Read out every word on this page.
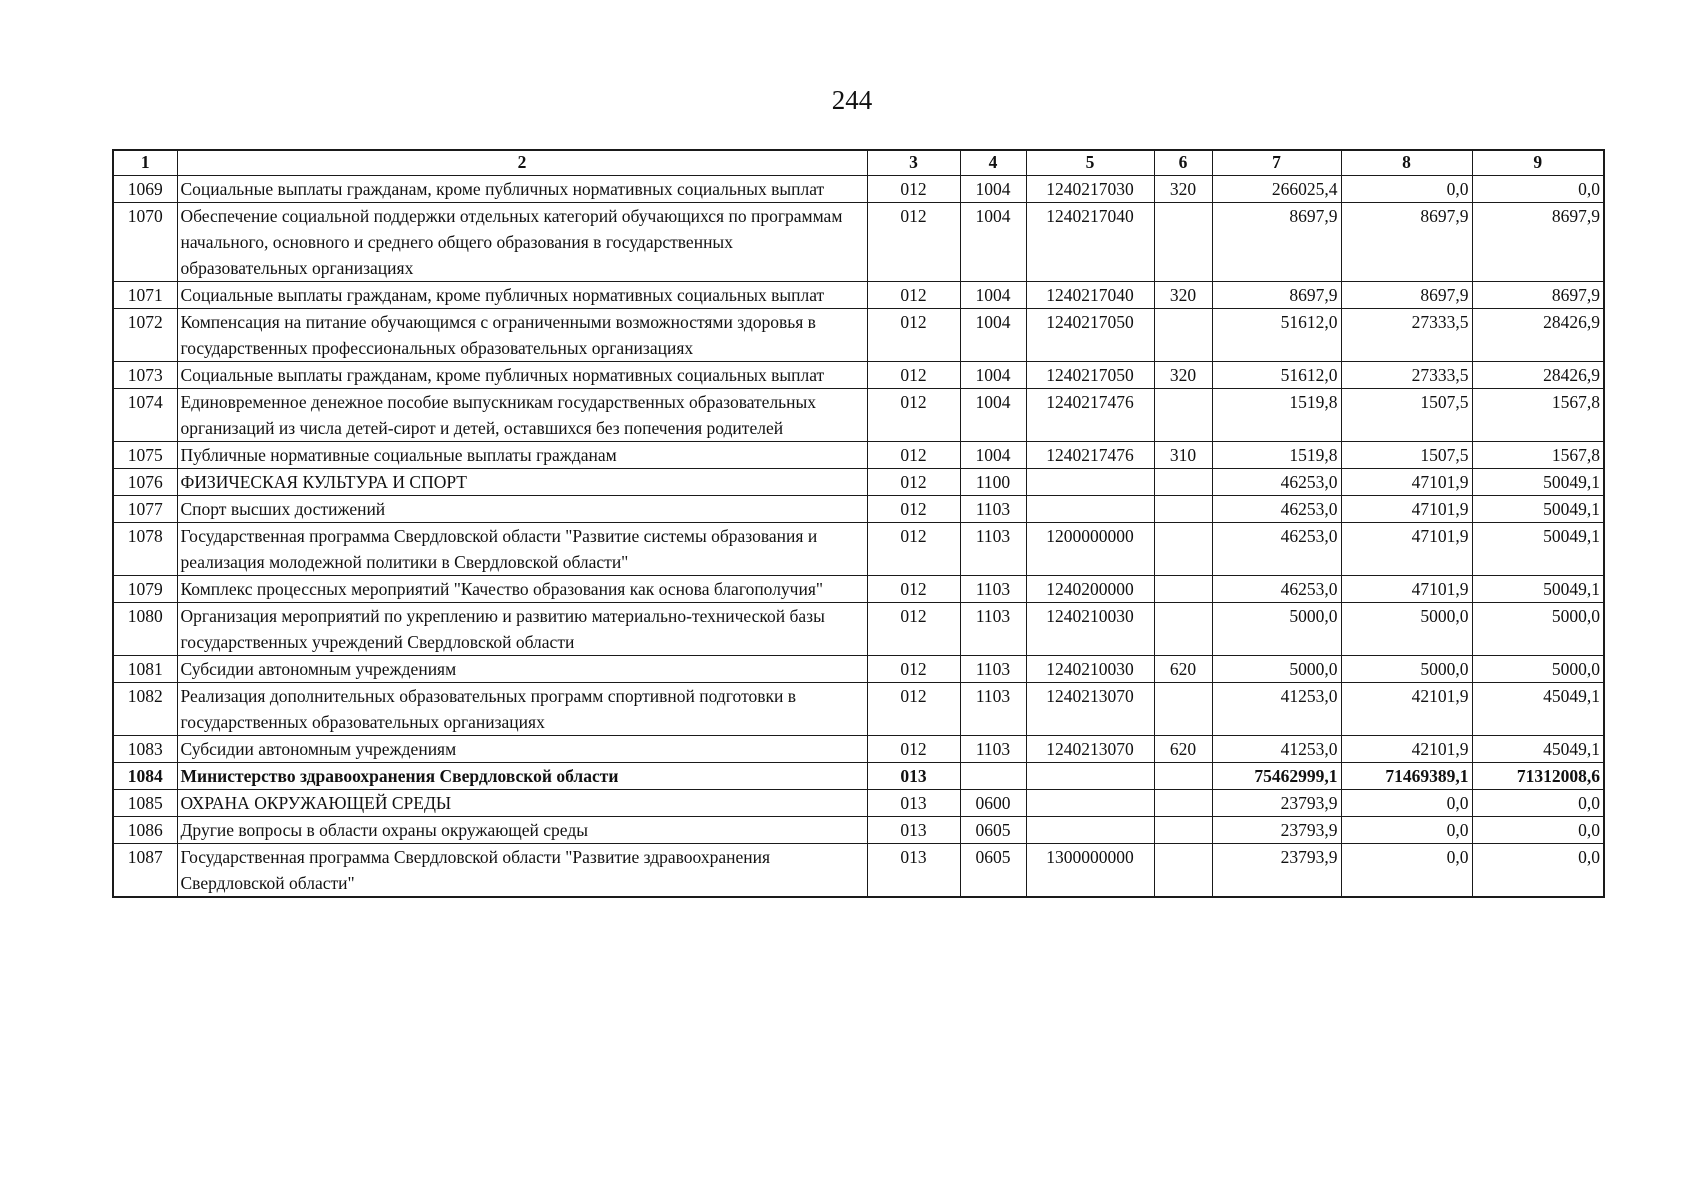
244
1	2	3	4	5	6	7	8	9
1069	Социальные выплаты гражданам, кроме публичных нормативных социальных выплат	012	1004	1240217030	320	266025,4	0,0	0,0
1070	Обеспечение социальной поддержки отдельных категорий обучающихся по программам начального, основного и среднего общего образования в государственных образовательных организациях	012	1004	1240217040		8697,9	8697,9	8697,9
1071	Социальные выплаты гражданам, кроме публичных нормативных социальных выплат	012	1004	1240217040	320	8697,9	8697,9	8697,9
1072	Компенсация на питание обучающимся с ограниченными возможностями здоровья в государственных профессиональных образовательных организациях	012	1004	1240217050		51612,0	27333,5	28426,9
1073	Социальные выплаты гражданам, кроме публичных нормативных социальных выплат	012	1004	1240217050	320	51612,0	27333,5	28426,9
1074	Единовременное денежное пособие выпускникам государственных образовательных организаций из числа детей-сирот и детей, оставшихся без попечения родителей	012	1004	1240217476		1519,8	1507,5	1567,8
1075	Публичные нормативные социальные выплаты гражданам	012	1004	1240217476	310	1519,8	1507,5	1567,8
1076	ФИЗИЧЕСКАЯ КУЛЬТУРА И СПОРТ	012	1100			46253,0	47101,9	50049,1
1077	Спорт высших достижений	012	1103			46253,0	47101,9	50049,1
1078	Государственная программа Свердловской области "Развитие системы образования и реализация молодежной политики в Свердловской области"	012	1103	1200000000		46253,0	47101,9	50049,1
1079	Комплекс процессных мероприятий "Качество образования как основа благополучия"	012	1103	1240200000		46253,0	47101,9	50049,1
1080	Организация мероприятий по укреплению и развитию материально-технической базы государственных учреждений Свердловской области	012	1103	1240210030		5000,0	5000,0	5000,0
1081	Субсидии автономным учреждениям	012	1103	1240210030	620	5000,0	5000,0	5000,0
1082	Реализация дополнительных образовательных программ спортивной подготовки в государственных образовательных организациях	012	1103	1240213070		41253,0	42101,9	45049,1
1083	Субсидии автономным учреждениям	012	1103	1240213070	620	41253,0	42101,9	45049,1
1084	Министерство здравоохранения Свердловской области	013				75462999,1	71469389,1	71312008,6
1085	ОХРАНА ОКРУЖАЮЩЕЙ СРЕДЫ	013	0600			23793,9	0,0	0,0
1086	Другие вопросы в области охраны окружающей среды	013	0605			23793,9	0,0	0,0
1087	Государственная программа Свердловской области "Развитие здравоохранения Свердловской области"	013	0605	1300000000		23793,9	0,0	0,0
